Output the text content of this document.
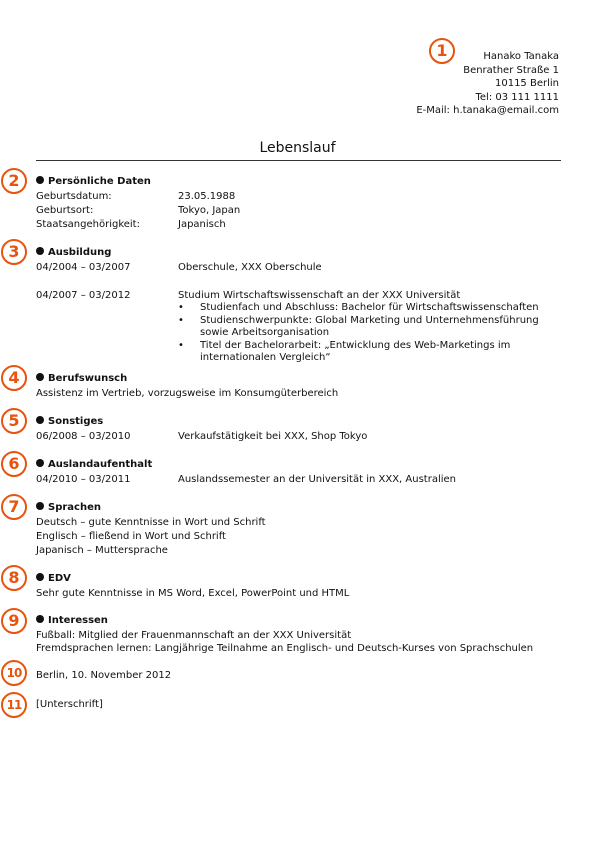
Hanako Tanaka
Benrather Straße 1
10115 Berlin
Tel: 03 111 1111
E-Mail: h.tanaka@email.com
Lebenslauf
1
2
3
4
5
6
7
8
9
10
11
Persönliche Daten
Geburtsdatum:	23.05.1988
Geburtsort:	Tokyo, Japan
Staatsangehörigkeit:	Japanisch
Ausbildung
04/2004 – 03/2007	Oberschule, XXX Oberschule
04/2007 – 03/2012	Studium Wirtschaftswissenschaft an der XXX Universität
• Studienfach und Abschluss: Bachelor für Wirtschaftswissenschaften
• Studienschwerpunkte: Global Marketing und Unternehmensführung
sowie Arbeitsorganisation
• Titel der Bachelorarbeit: „Entwicklung des Web-Marketings im
internationalen Vergleich“
Berufswunsch
Assistenz im Vertrieb, vorzugsweise im Konsumgüterbereich
Sonstiges
06/2008 – 03/2010	Verkaufstätigkeit bei XXX, Shop Tokyo
Auslandaufenthalt
04/2010 – 03/2011	Auslandssemester an der Universität in XXX, Australien
Sprachen
Deutsch – gute Kenntnisse in Wort und Schrift
Englisch – fließend in Wort und Schrift
Japanisch – Muttersprache
EDV
Sehr gute Kenntnisse in MS Word, Excel, PowerPoint und HTML
Interessen
Fußball: Mitglied der Frauenmannschaft an der XXX Universität
Fremdsprachen lernen: Langjährige Teilnahme an Englisch- und Deutsch-Kurses von Sprachschulen
Berlin, 10. November 2012
[Unterschrift]
